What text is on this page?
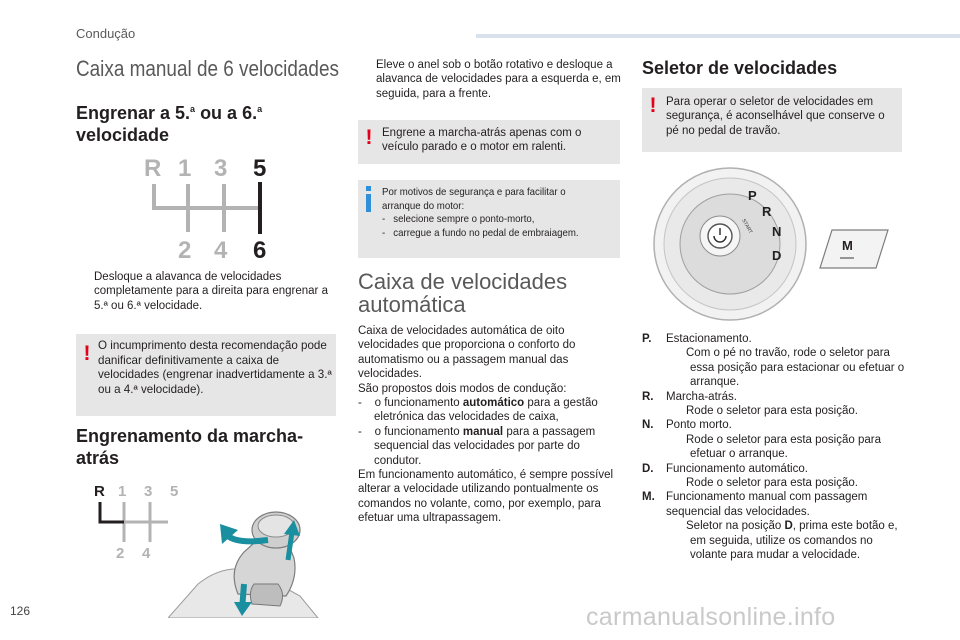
Condução
Caixa manual de 6 velocidades
Engrenar a 5.$^a$ ou a 6.$^a$
velocidade
R 1 3
2 4
5
6
Desloque a alavanca de velocidades completamente para a direita para engrenar a 5.ª ou 6.ª velocidade.
! O incumprimento desta recomendação pode danificar definitivamente a caixa de velocidades (engrenar inadvertidamente a 3.ª ou a 4.ª velocidade).
Engrenamento da marcha-
atrás
1 3 5
2 4
R
Eleve o anel sob o botão rotativo e desloque a alavanca de velocidades para a esquerda e, em seguida, para a frente.
! Engrene a marcha-atrás apenas com o veículo parado e o motor em ralenti.
Por motivos de segurança e para facilitar o arranque do motor:
-   selecione sempre o ponto-morto,
-   carregue a fundo no pedal de embraiagem.
Caixa de velocidades
automática
Caixa de velocidades automática de oito velocidades que proporciona o conforto do automatismo ou a passagem manual das velocidades.
São propostos dois modos de condução:
-    o funcionamento automático para a gestão eletrónica das velocidades de caixa,
-    o funcionamento manual para a passagem sequencial das velocidades por parte do condutor.
Em funcionamento automático, é sempre possível alterar a velocidade utilizando pontualmente os comandos no volante, como, por exemplo, para efetuar uma ultrapassagem.
Seletor de velocidades
! Para operar o seletor de velocidades em segurança, é aconselhável que conserve o pé no pedal de travão.
START
P
R
N
D
M
P. Estacionamento.
Com o pé no travão, rode o seletor para essa posição para estacionar ou efetuar o arranque.
R. Marcha-atrás.
Rode o seletor para esta posição.
N. Ponto morto.
Rode o seletor para esta posição para efetuar o arranque.
D. Funcionamento automático.
Rode o seletor para esta posição.
M. Funcionamento manual com passagem sequencial das velocidades.
Seletor na posição D, prima este botão e, em seguida, utilize os comandos no volante para mudar a velocidade.
126	carmanualsonline.info
